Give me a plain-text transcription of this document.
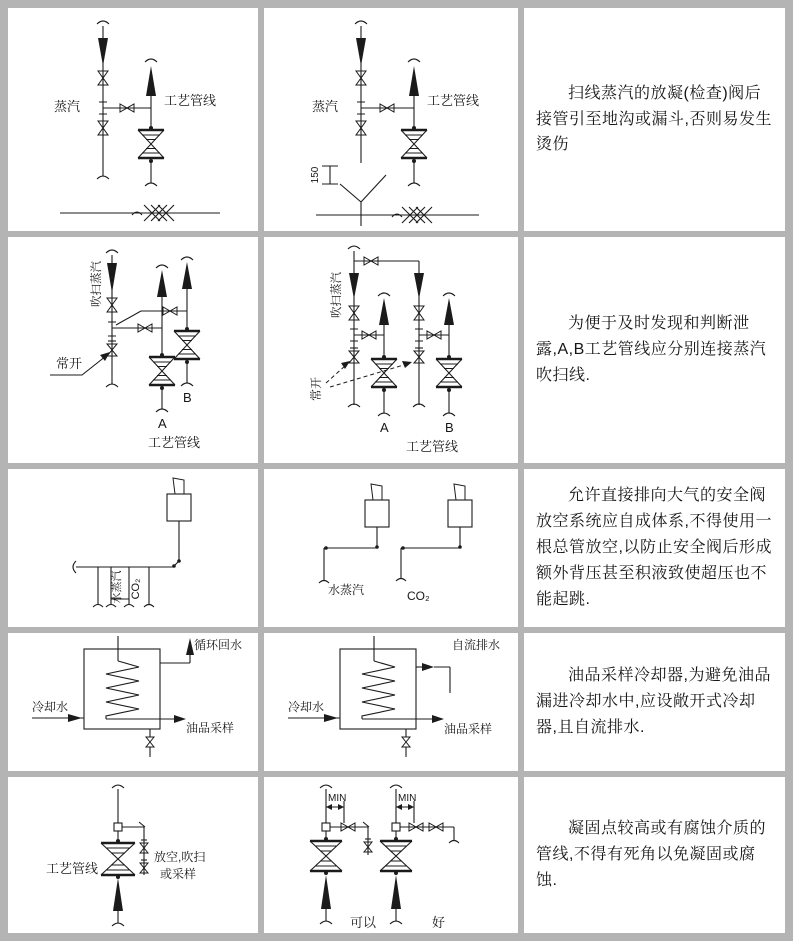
蒸汽	工艺管线	蒸汽	工艺管线
150

扫线蒸汽的放凝(检查)阀后接管引至地沟或漏斗,否则易发生烫伤

吹扫蒸汽
常开
A
B
工艺管线
吹扫蒸汽
常开
A	B
工艺管线

为便于及时发现和判断泄露,A,B工艺管线应分别连接蒸汽吹扫线.

水蒸汽 CO₂	水蒸汽	CO₂

允许直接排向大气的安全阀放空系统应自成体系,不得使用一根总管放空,以防止安全阀后形成额外背压甚至积液致使超压也不能起跳.

循环回水
冷却水
油品采样
自流排水
冷却水
油品采样

油品采样冷却器,为避免油品漏进冷却水中,应设敞开式冷却器,且自流排水.

工艺管线
放空,吹扫
或采样
MIN
可以
MIN
好

凝固点较高或有腐蚀介质的管线,不得有死角以免凝固或腐蚀.
